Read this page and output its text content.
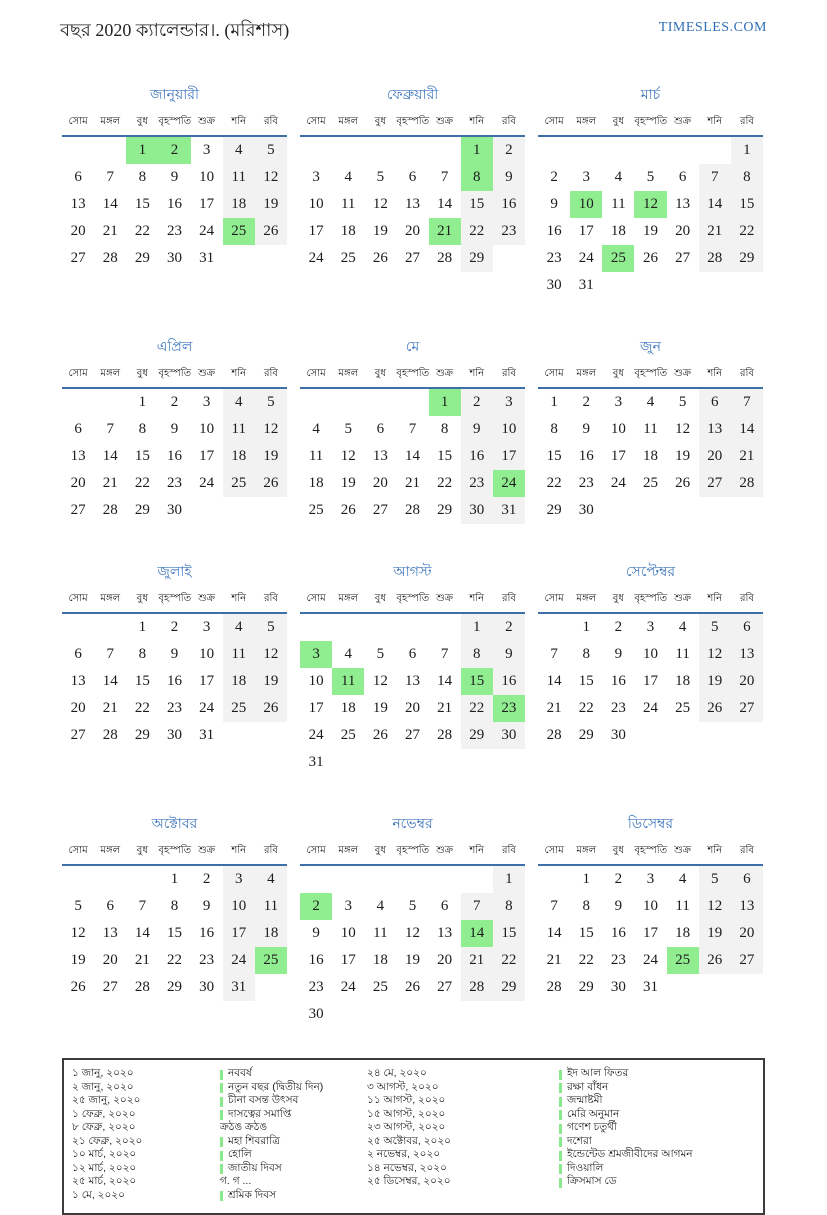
বছর 2020 ক্যালেন্ডার।. (মরিশাস)	TIMESLES.COM
জানুয়ারী
সোম	মঙ্গল	বুধ	বৃহস্পতি	শুক্র	শনি	রবি
		1	2	3	4	5
6	7	8	9	10	11	12
13	14	15	16	17	18	19
20	21	22	23	24	25	26
27	28	29	30	31		
ফেব্রুয়ারী
সোম	মঙ্গল	বুধ	বৃহস্পতি	শুক্র	শনি	রবি
					1	2
3	4	5	6	7	8	9
10	11	12	13	14	15	16
17	18	19	20	21	22	23
24	25	26	27	28	29	
মার্চ
সোম	মঙ্গল	বুধ	বৃহস্পতি	শুক্র	শনি	রবি
						1
2	3	4	5	6	7	8
9	10	11	12	13	14	15
16	17	18	19	20	21	22
23	24	25	26	27	28	29
30	31					
এপ্রিল
সোম	মঙ্গল	বুধ	বৃহস্পতি	শুক্র	শনি	রবি
		1	2	3	4	5
6	7	8	9	10	11	12
13	14	15	16	17	18	19
20	21	22	23	24	25	26
27	28	29	30			
মে
সোম	মঙ্গল	বুধ	বৃহস্পতি	শুক্র	শনি	রবি
				1	2	3
4	5	6	7	8	9	10
11	12	13	14	15	16	17
18	19	20	21	22	23	24
25	26	27	28	29	30	31
জুন
সোম	মঙ্গল	বুধ	বৃহস্পতি	শুক্র	শনি	রবি
1	2	3	4	5	6	7
8	9	10	11	12	13	14
15	16	17	18	19	20	21
22	23	24	25	26	27	28
29	30					
জুলাই
সোম	মঙ্গল	বুধ	বৃহস্পতি	শুক্র	শনি	রবি
		1	2	3	4	5
6	7	8	9	10	11	12
13	14	15	16	17	18	19
20	21	22	23	24	25	26
27	28	29	30	31		
আগস্ট
সোম	মঙ্গল	বুধ	বৃহস্পতি	শুক্র	শনি	রবি
					1	2
3	4	5	6	7	8	9
10	11	12	13	14	15	16
17	18	19	20	21	22	23
24	25	26	27	28	29	30
31						
সেপ্টেম্বর
সোম	মঙ্গল	বুধ	বৃহস্পতি	শুক্র	শনি	রবি
	1	2	3	4	5	6
7	8	9	10	11	12	13
14	15	16	17	18	19	20
21	22	23	24	25	26	27
28	29	30				
অক্টোবর
সোম	মঙ্গল	বুধ	বৃহস্পতি	শুক্র	শনি	রবি
			1	2	3	4
5	6	7	8	9	10	11
12	13	14	15	16	17	18
19	20	21	22	23	24	25
26	27	28	29	30	31	
নভেম্বর
সোম	মঙ্গল	বুধ	বৃহস্পতি	শুক্র	শনি	রবি
						1
2	3	4	5	6	7	8
9	10	11	12	13	14	15
16	17	18	19	20	21	22
23	24	25	26	27	28	29
30						
ডিসেম্বর
সোম	মঙ্গল	বুধ	বৃহস্পতি	শুক্র	শনি	রবি
	1	2	3	4	5	6
7	8	9	10	11	12	13
14	15	16	17	18	19	20
21	22	23	24	25	26	27
28	29	30	31			
১ জানু, ২০২০	নববর্ষ
২ জানু, ২০২০	নতুন বছর (দ্বিতীয় দিন)
২৫ জানু, ২০২০	চীনা বসন্ত উৎসব
১ ফেব্রু, ২০২০	দাসত্বের সমাপ্তি
৮ ফেব্রু, ২০২০	ক্রঠঙ ক্রঠঙ
২১ ফেব্রু, ২০২০	মহা শিবরাত্রি
১০ মার্চ, ২০২০	হোলি
১২ মার্চ, ২০২০	জাতীয় দিবস
২৫ মার্চ, ২০২০	গ. গ ...
১ মে, ২০২০	শ্রমিক দিবস
২৪ মে, ২০২০	ইদ আল ফিতর
৩ আগস্ট, ২০২০	রক্ষা বাঁধন
১১ আগস্ট, ২০২০	জন্মাষ্টমী
১৫ আগস্ট, ২০২০	মেরি অনুমান
২৩ আগস্ট, ২০২০	গণেশ চতুর্থী
২৫ অক্টোবর, ২০২০	দশেরা
২ নভেম্বর, ২০২০	ইন্ডেন্টেড শ্রমজীবীদের আগমন
১৪ নভেম্বর, ২০২০	দিওয়ালি
২৫ ডিসেম্বর, ২০২০	ক্রিসমাস ডে
